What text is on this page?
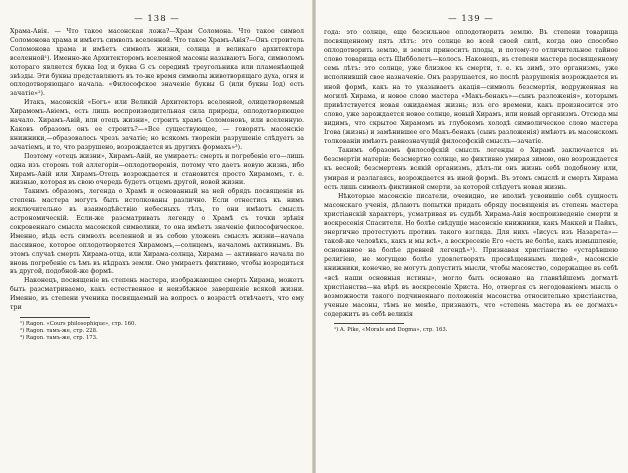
— 138 —

Храма-Авія. — Что такое масонская ложа?—Храм Соломона. Что такое символ Соломонова храма и имѣетъ символъ вселенной. Что такое Храмъ-Авія?—Онъ строитель Соломонова храма и имѣетъ символъ жизни, солнца и великаго архитектора вселенной¹). Именно-же Архитекторомъ вселенной масоны называютъ Бога, символомъ котораго является буква Іод и буква G съ серединѣ треугольника или пламенѣющей звѣзды. Эти буквы представляютъ въ то-же время символы животворящаго духа, огня и оплодотворяющаго начала. «Философское значеніе буквы G (или буквы Іод) есть зачатіе»²).

Итакъ, масонскій «Богъ» или Великій Архитекторъ вселенной, олицетворяемый Хирамомъ-Авіемъ, есть лишь воспроизводительная сила природы, оплодотворяющее начало. Хирамъ-Авій, или отецъ жизни», строитъ храмъ Соломоновъ, или вселенную. Каковъ образомъ онъ ее строитъ?—«Все существующее, — говорятъ масонскіе книжники,—образовалось чрезъ зачатіе; но всякомъ твореніи разрушеніе слѣдуетъ за зачатіемъ, и то, что разрушено, возрождается въ другихъ формахъ»³).

Поэтому «отецъ жизни», Хирамъ-Авій, не умираетъ: смерть и погребеніе его—лишь одна изъ сторонъ той аллегоріи—оплодотворенія, потому что даетъ новую жизнь, ибо Хирамъ-Авій или Хирамъ-Отецъ возрождается и становится просто Хирамомъ, т. е. жизнью, которая въ свою очередь будетъ отцемъ другой, новой жизни.

Такимъ образомъ, легенда о Храмѣ и основанный на ней обрядъ посвященія въ степень мастера могутъ быть истолкованы различно. Если отнестись къ нимъ исключительно въ взаимодѣйствію небесныхъ тѣлъ, то они имѣютъ смыслъ астрономическій. Если-же разсматривать легенду о Храмѣ съ точки зрѣнія сокровеннаго смысла масонской символики, то она имѣетъ значеніе философическое. Именно, вѣдь есть символъ вселенной и въ собою уложенъ смыслъ жизни—начала пассивное, которое оплодотворяется Хирамомъ,—солнцемъ, началомъ активнымъ. Въ этомъ случаѣ смерть Хирама-отца, или Хирама-солнца, Хирама — активнаго начала по вновь погребеніе съ ѣмъ въ нѣдрахъ земли. Оно умираетъ фиктивно, чтобы возродиться въ другой, подобной-же формѣ.

Наконецъ, посвященіе въ степень мастера, изображающее смерть Хирама, можетъ быть разсматриваемо, какъ естественное и неизбѣжное завершеніе всякой жизни. Именно, въ степени ученика посвящаемый на вопросъ о возрастѣ отвѣчаетъ, что ему три

¹) Ragon. «Cours philosophique», стр. 160.
²) Ragon. тамъ-же, стр. 228.
³) Ragon. тамъ-же, стр. 173.
— 139 —

года: это солнце, еще безсильное оплодотворить землю. Въ степени товарища посвященному пять лѣтъ: это солнце во всей своей силѣ, когда оно способно оплодотворить землю, и земля приноситъ плоды, и потому-то отличительное тайное слово товарища есть Шибболетъ—колосъ. Наконецъ, въ степени мастера посвященному семь лѣтъ: это солнце, уже близкое къ смерти, т. е. къ зимѣ, это организмъ, уже исполнившій свое назначеніе. Онъ разрушается, но послѣ разрушенія возрождается въ иной формѣ, какъ на то указываетъ акація—символъ безсмертія, водруженная на могилѣ Хирама, и новое слово мастера «Макъ-бенакъ»—сынъ разложенія», которымъ привѣтствуется новая ожидаемая жизнь; изъ его времени, какъ произносится это слово, уже зарождается новое солнце, новый Хирамъ, или новый организмъ. Отсюда мы видимъ, что скрытое Хирамомъ въ глубокомъ холодѣ символическое слово мастера Ігова (жизнь) и замѣнившее его Макъ-бенакъ (сынъ разложенія) имѣютъ въ масонскомъ толкованіи имѣютъ равнозначущій философскій смыслъ—зачатіе.

Такимъ образомъ философскій смыслъ легенды о Хирамѣ заключается въ безсмертіи матеріи: безсмертно солнце, но фиктивно умирая зимою, оно возрождается къ весной; безсмертенъ всякій организмъ, дѣлъ-ли онъ жизнь себѣ подобному или, умирая и разлагаясь, возрождается въ иной формѣ. Въ этомъ смыслѣ и смерть Хирама есть лишь символъ фиктивной смерти, за которой слѣдуетъ новая жизнь.

Нѣкоторые масонскіе писатели, очевидно, не вполнѣ усвоившіе себѣ сущность масонскаго ученія, дѣлаютъ попытки придать обряду посвященія въ степень мастера христіанскій характеръ, усматривая въ судьбѣ Хирама-Авія воспроизведеніе смерти и воскресенія Спасителя. Но болѣе свѣдущіе масонскіе книжники, какъ Маккей и Пайкъ, энергично протестуютъ противъ такого взгляда. Для нихъ «Іисусъ изъ Назарета»—такой-же человѣкъ, какъ и мы всѣ», а воскресеніе Его «есть не болѣе, какъ измышленіе, основанное на болѣе древней легендѣ»¹). Признавая христіанство «устарѣвшею религіею, не могущею болѣе удовлетворять просвѣщеннымъ людей», масонскіе книжники, конечно, не могутъ допустить мысли, чтобы масонство, содержащее въ себѣ «всѣ наши основныя истины», могло быть основано на главнѣйшемъ догматѣ христіанства—на вѣрѣ въ воскресеніе Христа. Но, отвергая съ негодованіемъ мысль о возможности такого подчиненнаго положенія масонства относительно христіанства, ученые масоны, тѣмъ не менѣе, признаютъ, что «степень мастера въ ее догмахъ» содержитъ въ себѣ великія

¹) A. Pike, «Morals and Dogma», стр. 163.
